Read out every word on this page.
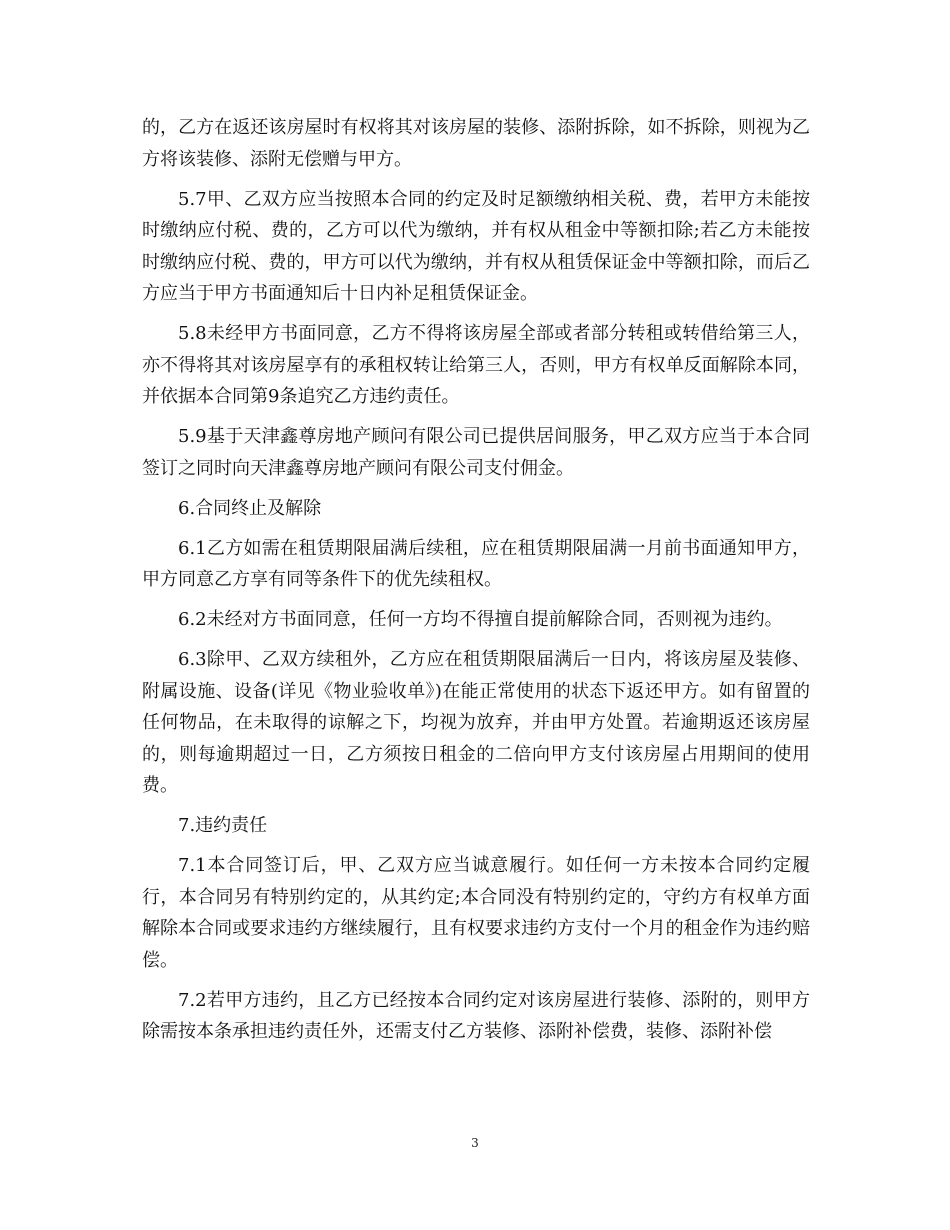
的，乙方在返还该房屋时有权将其对该房屋的装修、添附拆除，如不拆除，则视为乙方将该装修、添附无偿赠与甲方。

5.7甲、乙双方应当按照本合同的约定及时足额缴纳相关税、费，若甲方未能按时缴纳应付税、费的，乙方可以代为缴纳，并有权从租金中等额扣除;若乙方未能按时缴纳应付税、费的，甲方可以代为缴纳，并有权从租赁保证金中等额扣除，而后乙方应当于甲方书面通知后十日内补足租赁保证金。

5.8未经甲方书面同意，乙方不得将该房屋全部或者部分转租或转借给第三人，亦不得将其对该房屋享有的承租权转让给第三人，否则，甲方有权单反面解除本同，并依据本合同第9条追究乙方违约责任。

5.9基于天津鑫尊房地产顾问有限公司已提供居间服务，甲乙双方应当于本合同签订之同时向天津鑫尊房地产顾问有限公司支付佣金。

6.合同终止及解除

6.1乙方如需在租赁期限届满后续租，应在租赁期限届满一月前书面通知甲方，甲方同意乙方享有同等条件下的优先续租权。

6.2未经对方书面同意，任何一方均不得擅自提前解除合同，否则视为违约。

6.3除甲、乙双方续租外，乙方应在租赁期限届满后一日内，将该房屋及装修、附属设施、设备(详见《物业验收单》)在能正常使用的状态下返还甲方。如有留置的任何物品，在未取得的谅解之下，均视为放弃，并由甲方处置。若逾期返还该房屋的，则每逾期超过一日，乙方须按日租金的二倍向甲方支付该房屋占用期间的使用费。

7.违约责任

7.1本合同签订后，甲、乙双方应当诚意履行。如任何一方未按本合同约定履行，本合同另有特别约定的，从其约定;本合同没有特别约定的，守约方有权单方面解除本合同或要求违约方继续履行，且有权要求违约方支付一个月的租金作为违约赔偿。

7.2若甲方违约，且乙方已经按本合同约定对该房屋进行装修、添附的，则甲方除需按本条承担违约责任外，还需支付乙方装修、添附补偿费，装修、添附补偿

3
